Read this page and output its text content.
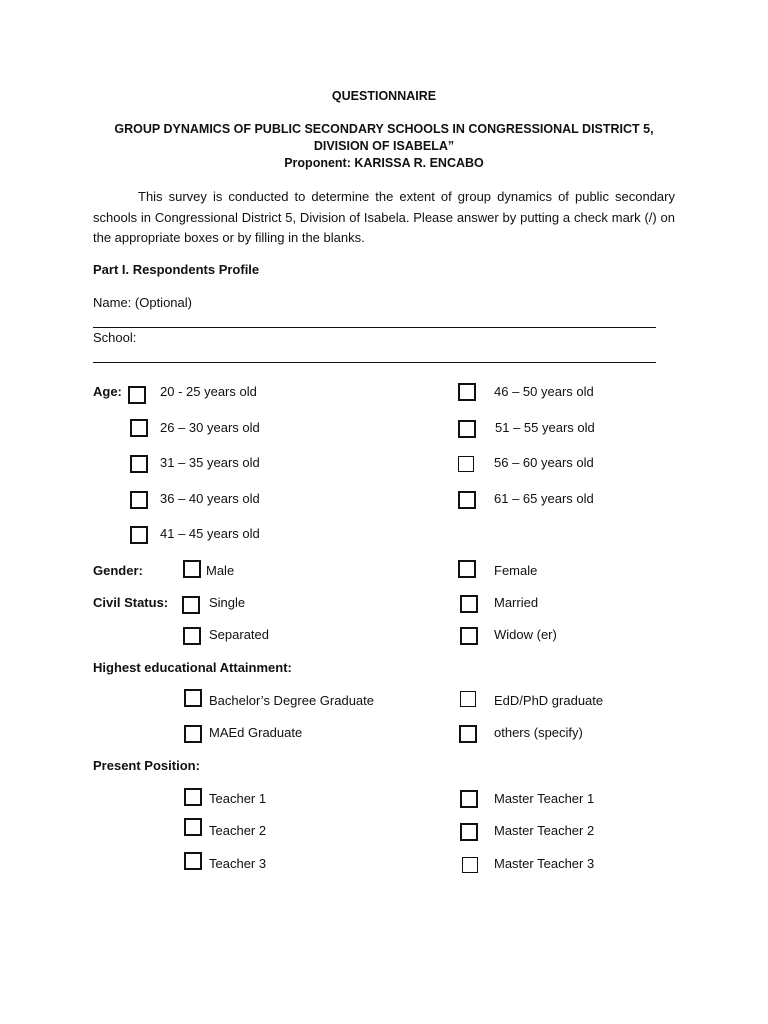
QUESTIONNAIRE
GROUP DYNAMICS OF PUBLIC SECONDARY SCHOOLS IN CONGRESSIONAL DISTRICT 5,
DIVISION OF ISABELA”
Proponent: KARISSA R. ENCABO
This survey is conducted to determine the extent of group dynamics of public secondary schools in Congressional District 5, Division of Isabela. Please answer by putting a check mark (/) on the appropriate boxes or by filling in the blanks.
Part I. Respondents Profile
Name: (Optional)
School:
Age:	20 - 25 years old	46 – 50 years old
26 – 30 years old	51 – 55 years old
31 – 35 years old	56 – 60 years old
36 – 40 years old	61 – 65 years old
41 – 45 years old
Gender:	Male	Female
Civil Status:	Single	Married
Separated	Widow (er)
Highest educational Attainment:
Bachelor’s Degree Graduate	EdD/PhD graduate
MAEd Graduate	others (specify)
Present Position:
Teacher 1	Master Teacher 1
Teacher 2	Master Teacher 2
Teacher 3	Master Teacher 3
